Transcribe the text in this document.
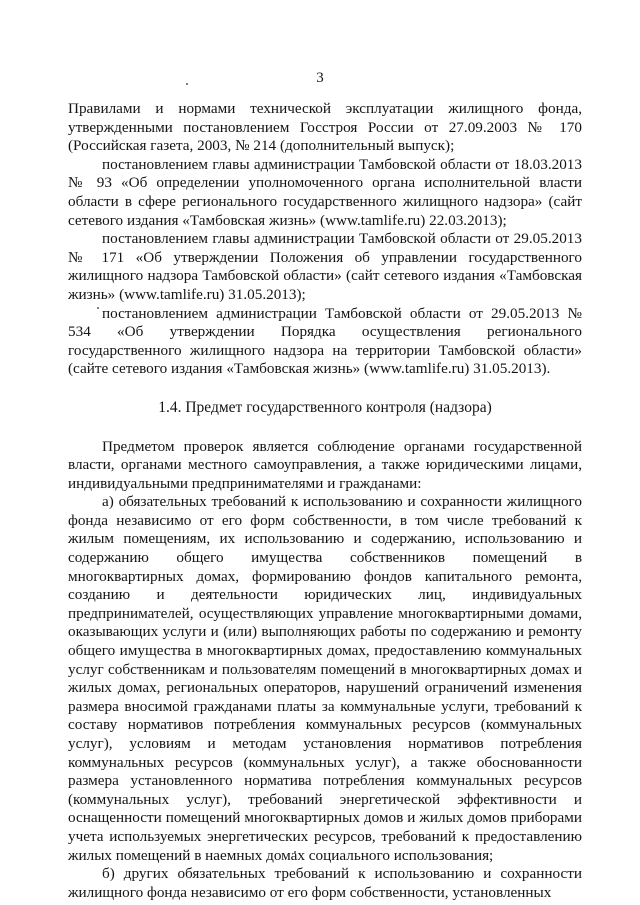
3

Правилами и нормами технической эксплуатации жилищного фонда, утвержденными постановлением Госстроя России от 27.09.2003 № 170 (Российская газета, 2003, № 214 (дополнительный выпуск);

постановлением главы администрации Тамбовской области от 18.03.2013 № 93 «Об определении уполномоченного органа исполнительной власти области в сфере регионального государственного жилищного надзора» (сайт сетевого издания «Тамбовская жизнь» (www.tamlife.ru) 22.03.2013);

постановлением главы администрации Тамбовской области от 29.05.2013 № 171 «Об утверждении Положения об управлении государственного жилищного надзора Тамбовской области» (сайт сетевого издания «Тамбовская жизнь» (www.tamlife.ru) 31.05.2013);

постановлением администрации Тамбовской области от 29.05.2013 № 534 «Об утверждении Порядка осуществления регионального государственного жилищного надзора на территории Тамбовской области» (сайте сетевого издания «Тамбовская жизнь» (www.tamlife.ru) 31.05.2013).

1.4. Предмет государственного контроля (надзора)

Предметом проверок является соблюдение органами государственной власти, органами местного самоуправления, а также юридическими лицами, индивидуальными предпринимателями и гражданами:

а) обязательных требований к использованию и сохранности жилищного фонда независимо от его форм собственности, в том числе требований к жилым помещениям, их использованию и содержанию, использованию и содержанию общего имущества собственников помещений в многоквартирных домах, формированию фондов капитального ремонта, созданию и деятельности юридических лиц, индивидуальных предпринимателей, осуществляющих управление многоквартирными домами, оказывающих услуги и (или) выполняющих работы по содержанию и ремонту общего имущества в многоквартирных домах, предоставлению коммунальных услуг собственникам и пользователям помещений в многоквартирных домах и жилых домах, региональных операторов, нарушений ограничений изменения размера вносимой гражданами платы за коммунальные услуги, требований к составу нормативов потребления коммунальных ресурсов (коммунальных услуг), условиям и методам установления нормативов потребления коммунальных ресурсов (коммунальных услуг), а также обоснованности размера установленного норматива потребления коммунальных ресурсов (коммунальных услуг), требований энергетической эффективности и оснащенности помещений многоквартирных домов и жилых домов приборами учета используемых энергетических ресурсов, требований к предоставлению жилых помещений в наемных домах социального использования;

б) других обязательных требований к использованию и сохранности жилищного фонда независимо от его форм собственности, установленных
